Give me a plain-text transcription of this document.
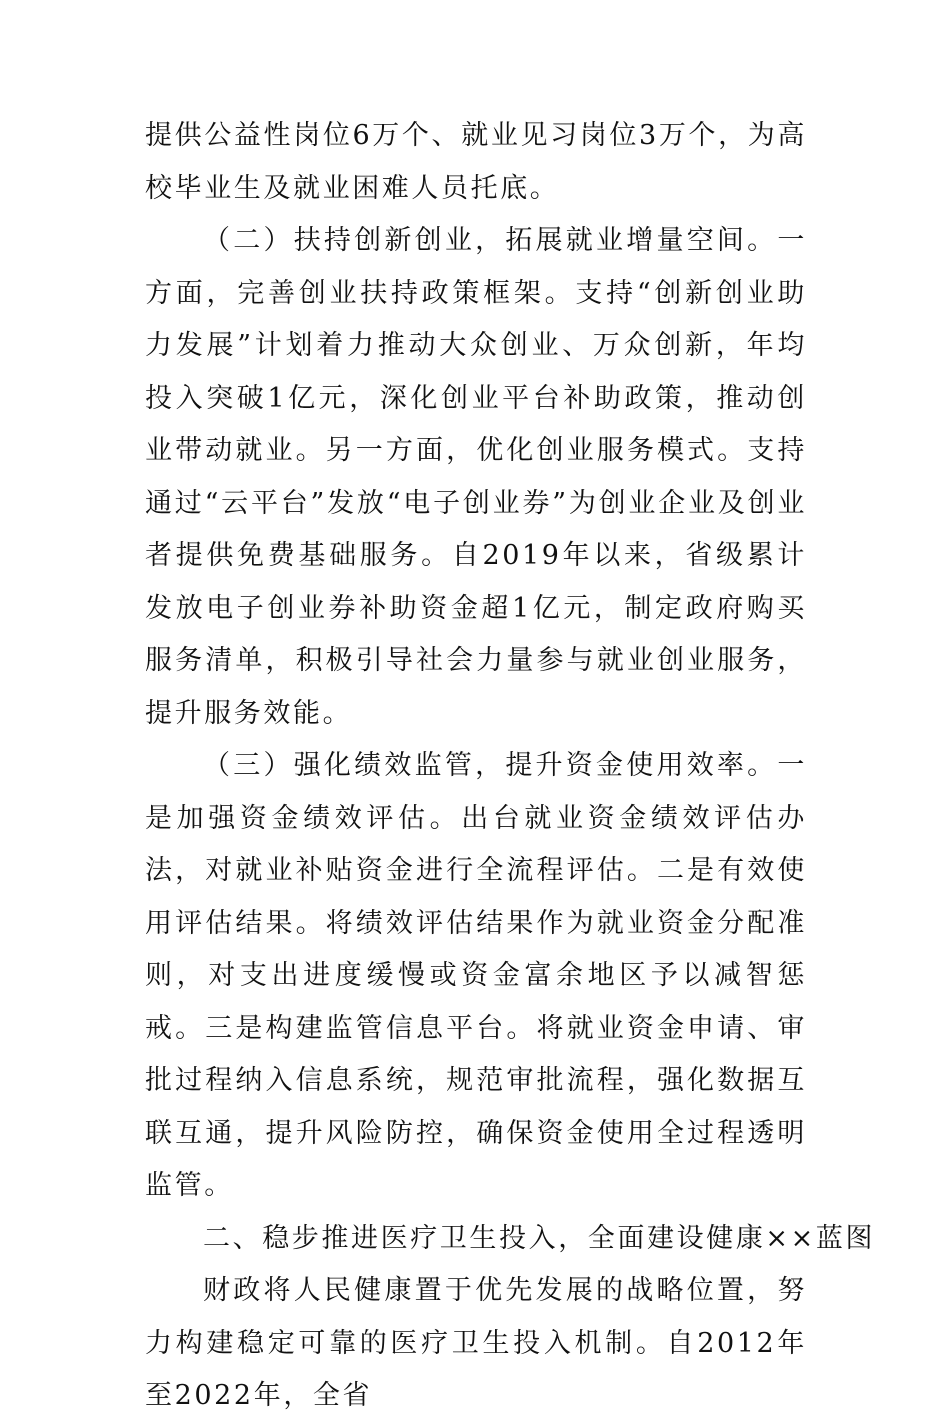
提供公益性岗位6万个、就业见习岗位3万个，为高校毕业生及就业困难人员托底。

（二）扶持创新创业，拓展就业增量空间。一方面，完善创业扶持政策框架。支持“创新创业助力发展”计划着力推动大众创业、万众创新，年均投入突破1亿元，深化创业平台补助政策，推动创业带动就业。另一方面，优化创业服务模式。支持通过“云平台”发放“电子创业券”为创业企业及创业者提供免费基础服务。自2019年以来，省级累计发放电子创业券补助资金超1亿元，制定政府购买服务清单，积极引导社会力量参与就业创业服务，提升服务效能。

（三）强化绩效监管，提升资金使用效率。一是加强资金绩效评估。出台就业资金绩效评估办法，对就业补贴资金进行全流程评估。二是有效使用评估结果。将绩效评估结果作为就业资金分配准则，对支出进度缓慢或资金富余地区予以减智惩戒。三是构建监管信息平台。将就业资金申请、审批过程纳入信息系统，规范审批流程，强化数据互联互通，提升风险防控，确保资金使用全过程透明监管。

二、稳步推进医疗卫生投入，全面建设健康××蓝图

财政将人民健康置于优先发展的战略位置，努力构建稳定可靠的医疗卫生投入机制。自2012年至2022年，全省
